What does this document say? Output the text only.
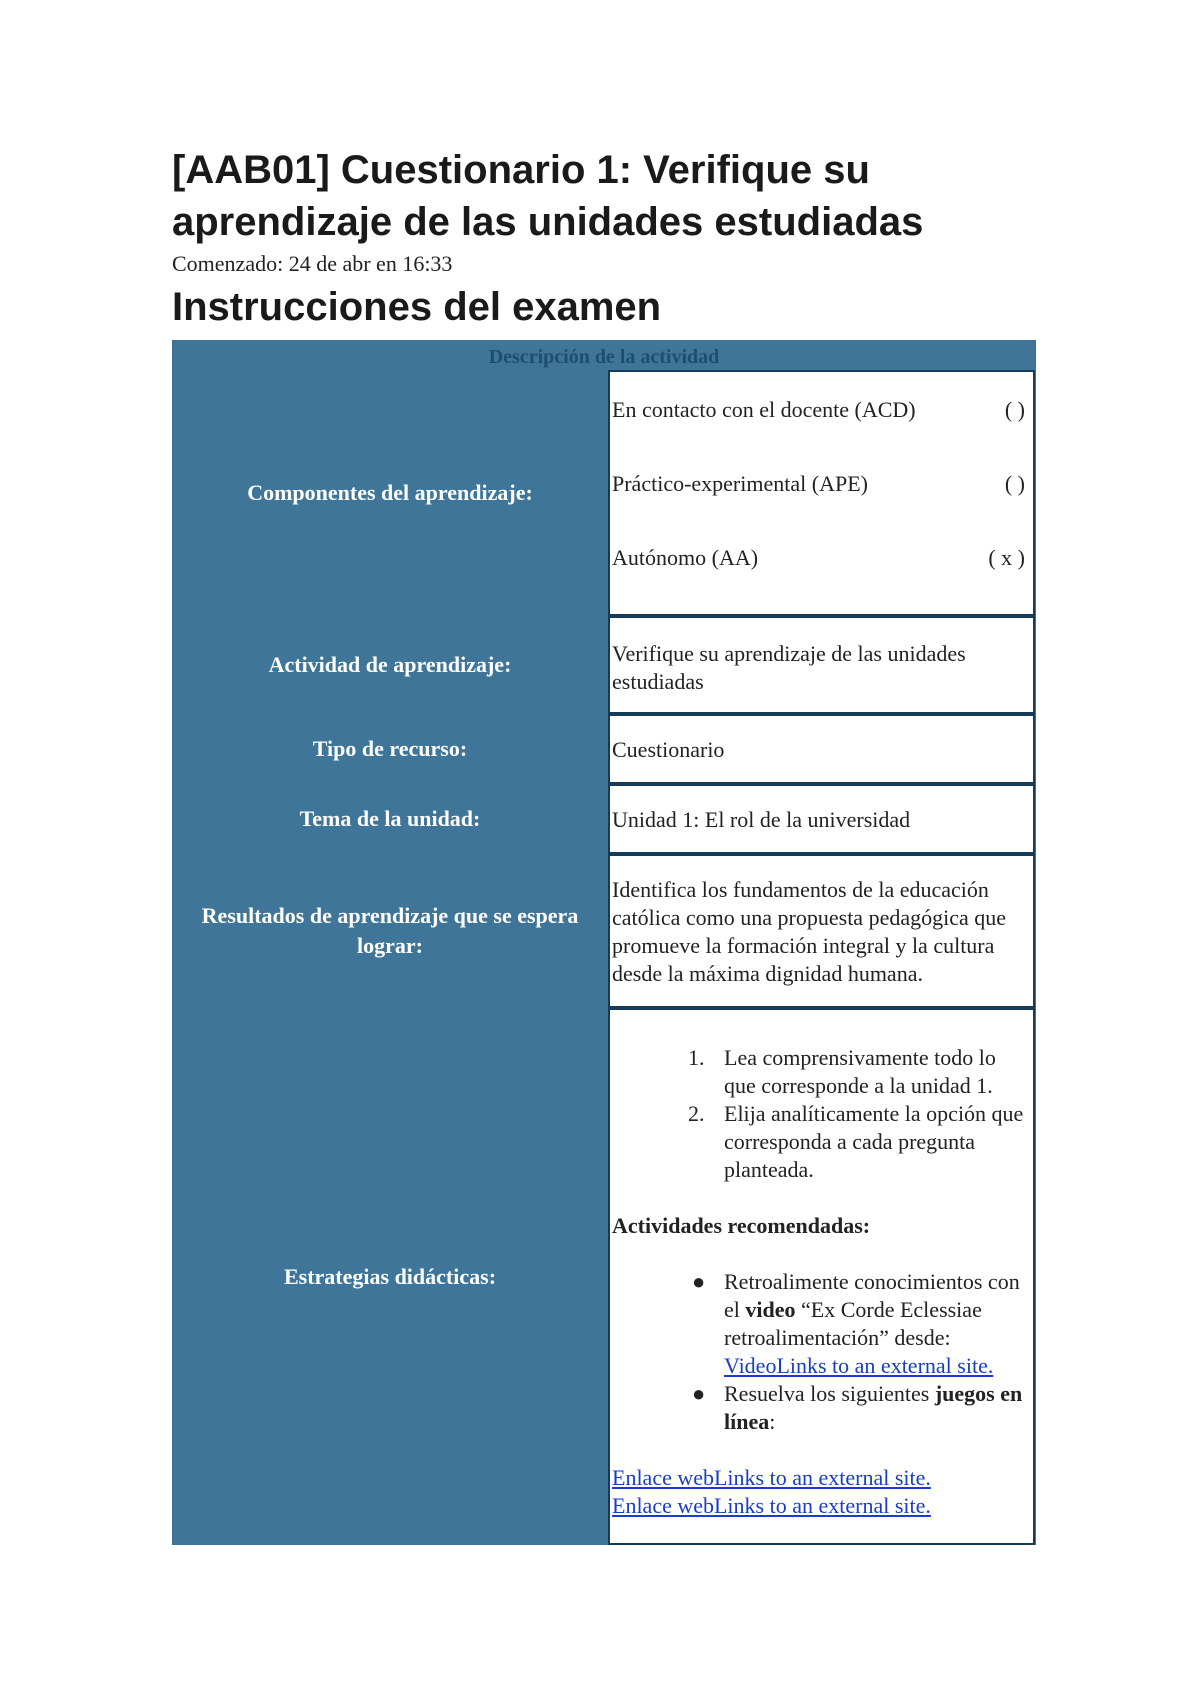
[AAB01] Cuestionario 1: Verifique su aprendizaje de las unidades estudiadas
Comenzado: 24 de abr en 16:33
Instrucciones del examen
Descripción de la actividad
Componentes del aprendizaje:
En contacto con el docente (ACD)	( )
Práctico-experimental (APE)	( )
Autónomo (AA)	( x )
Actividad de aprendizaje:	Verifique su aprendizaje de las unidades estudiadas
Tipo de recurso:	Cuestionario
Tema de la unidad:	Unidad 1: El rol de la universidad
Resultados de aprendizaje que se espera lograr:
Identifica los fundamentos de la educación católica como una propuesta pedagógica que promueve la formación integral y la cultura desde la máxima dignidad humana.
Estrategias didácticas:
1. Lea comprensivamente todo lo que corresponde a la unidad 1.
2. Elija analíticamente la opción que corresponda a cada pregunta planteada.
Actividades recomendadas:
● Retroalimente conocimientos con el video “Ex Corde Eclessiae retroalimentación” desde: VideoLinks to an external site.
● Resuelva los siguientes juegos en línea:
Enlace webLinks to an external site.
Enlace webLinks to an external site.
